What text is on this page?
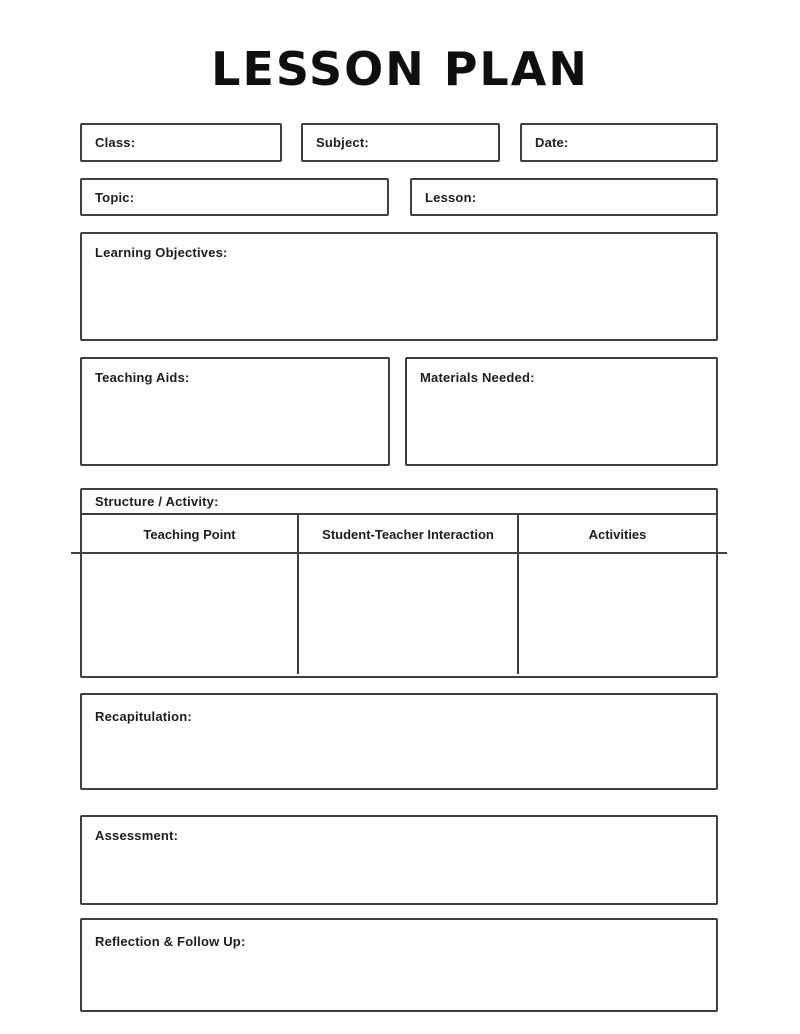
LESSON PLAN
Class:	Subject:	Date:
Topic:	Lesson:
Learning Objectives:
Teaching Aids:	Materials Needed:
Structure / Activity:
Teaching Point	Student-Teacher Interaction	Activities
Recapitulation:
Assessment:
Reflection & Follow Up:
